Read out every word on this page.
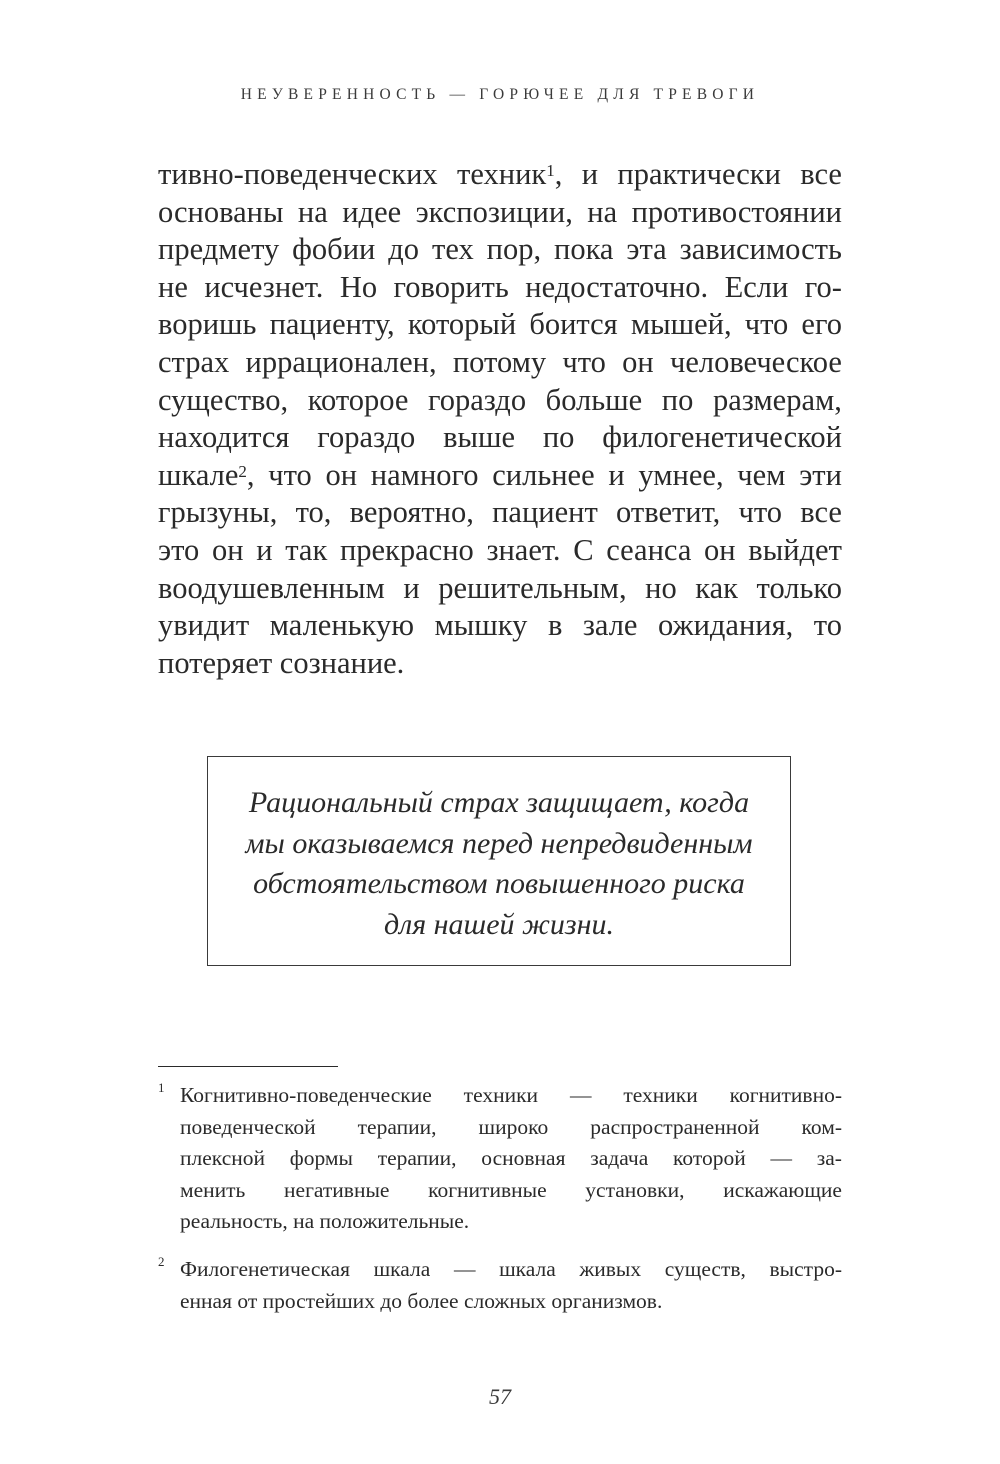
НЕУВЕРЕННОСТЬ — ГОРЮЧЕЕ ДЛЯ ТРЕВОГИ
тивно-поведенческих техник$^1$, и практически все
основаны на идее экспозиции, на противостоянии
предмету фобии до тех пор, пока эта зависимость
не исчезнет. Но говорить недостаточно. Если го-
воришь пациенту, который боится мышей, что его
страх иррационален, потому что он человеческое
существо, которое гораздо больше по размерам,
находится гораздо выше по филогенетической
шкале$^2$, что он намного сильнее и умнее, чем эти
грызуны, то, вероятно, пациент ответит, что все
это он и так прекрасно знает. С сеанса он выйдет
воодушевленным и решительным, но как только
увидит маленькую мышку в зале ожидания, то
потеряет сознание.
Рациональный страх защищает, когда
мы оказываемся перед непредвиденным
обстоятельством повышенного риска
для нашей жизни.
1 Когнитивно-поведенческие техники — техники когнитивно-
поведенческой терапии, широко распространенной ком-
плексной формы терапии, основная задача которой — за-
менить негативные когнитивные установки, искажающие
реальность, на положительные.
2 Филогенетическая шкала — шкала живых существ, выстро-
енная от простейших до более сложных организмов.
57
